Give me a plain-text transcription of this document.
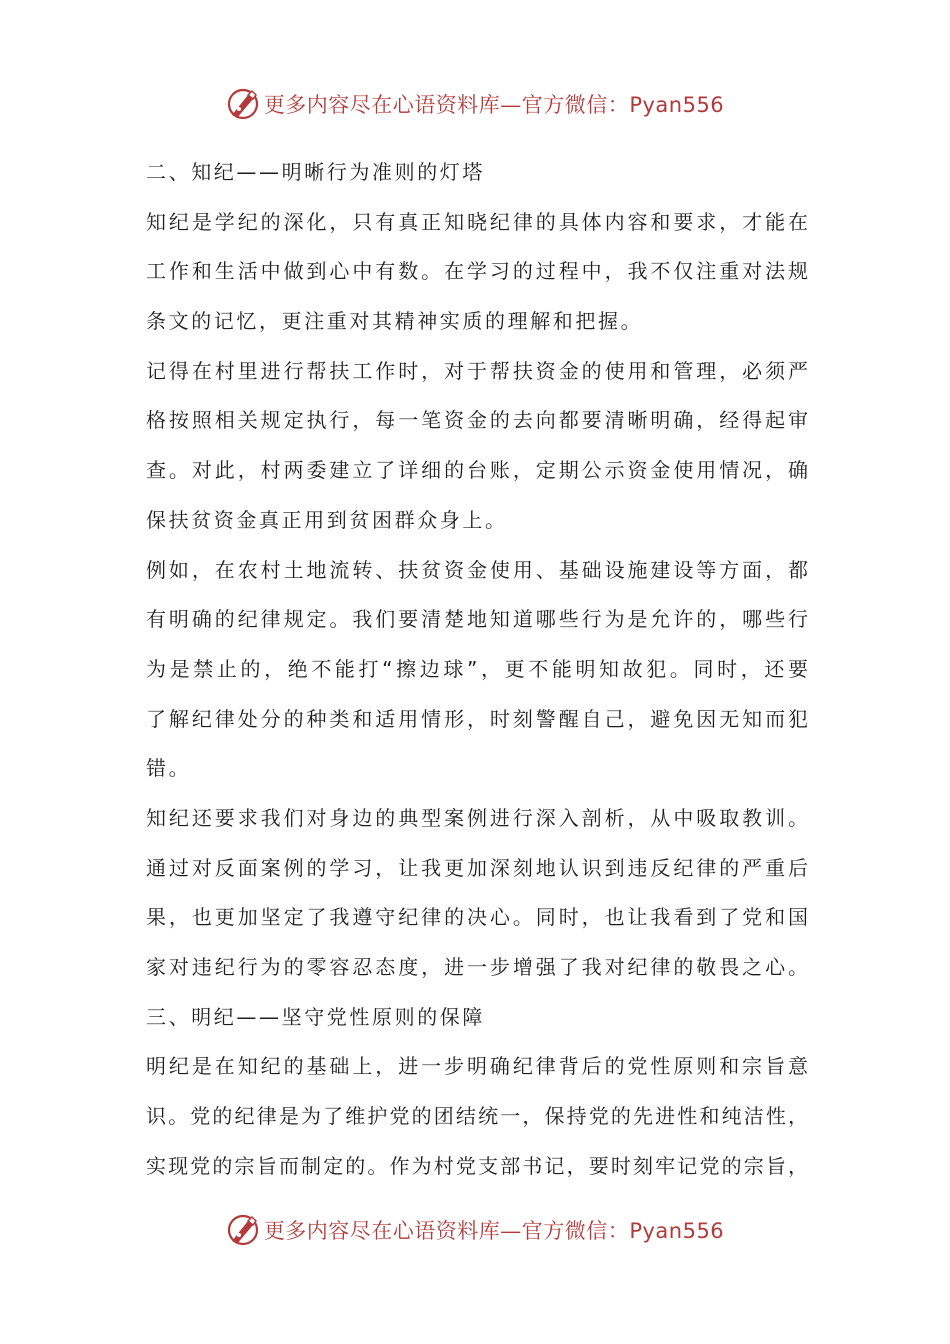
更多内容尽在心语资料库—官方微信：Pyan556
二、知纪——明晰行为准则的灯塔
知纪是学纪的深化，只有真正知晓纪律的具体内容和要求，才能在
工作和生活中做到心中有数。在学习的过程中，我不仅注重对法规
条文的记忆，更注重对其精神实质的理解和把握。
记得在村里进行帮扶工作时，对于帮扶资金的使用和管理，必须严
格按照相关规定执行，每一笔资金的去向都要清晰明确，经得起审
查。对此，村两委建立了详细的台账，定期公示资金使用情况，确
保扶贫资金真正用到贫困群众身上。
例如，在农村土地流转、扶贫资金使用、基础设施建设等方面，都
有明确的纪律规定。我们要清楚地知道哪些行为是允许的，哪些行
为是禁止的，绝不能打“擦边球”，更不能明知故犯。同时，还要
了解纪律处分的种类和适用情形，时刻警醒自己，避免因无知而犯
错。
知纪还要求我们对身边的典型案例进行深入剖析，从中吸取教训。
通过对反面案例的学习，让我更加深刻地认识到违反纪律的严重后
果，也更加坚定了我遵守纪律的决心。同时，也让我看到了党和国
家对违纪行为的零容忍态度，进一步增强了我对纪律的敬畏之心。
三、明纪——坚守党性原则的保障
明纪是在知纪的基础上，进一步明确纪律背后的党性原则和宗旨意
识。党的纪律是为了维护党的团结统一，保持党的先进性和纯洁性，
实现党的宗旨而制定的。作为村党支部书记，要时刻牢记党的宗旨，
更多内容尽在心语资料库—官方微信：Pyan556
